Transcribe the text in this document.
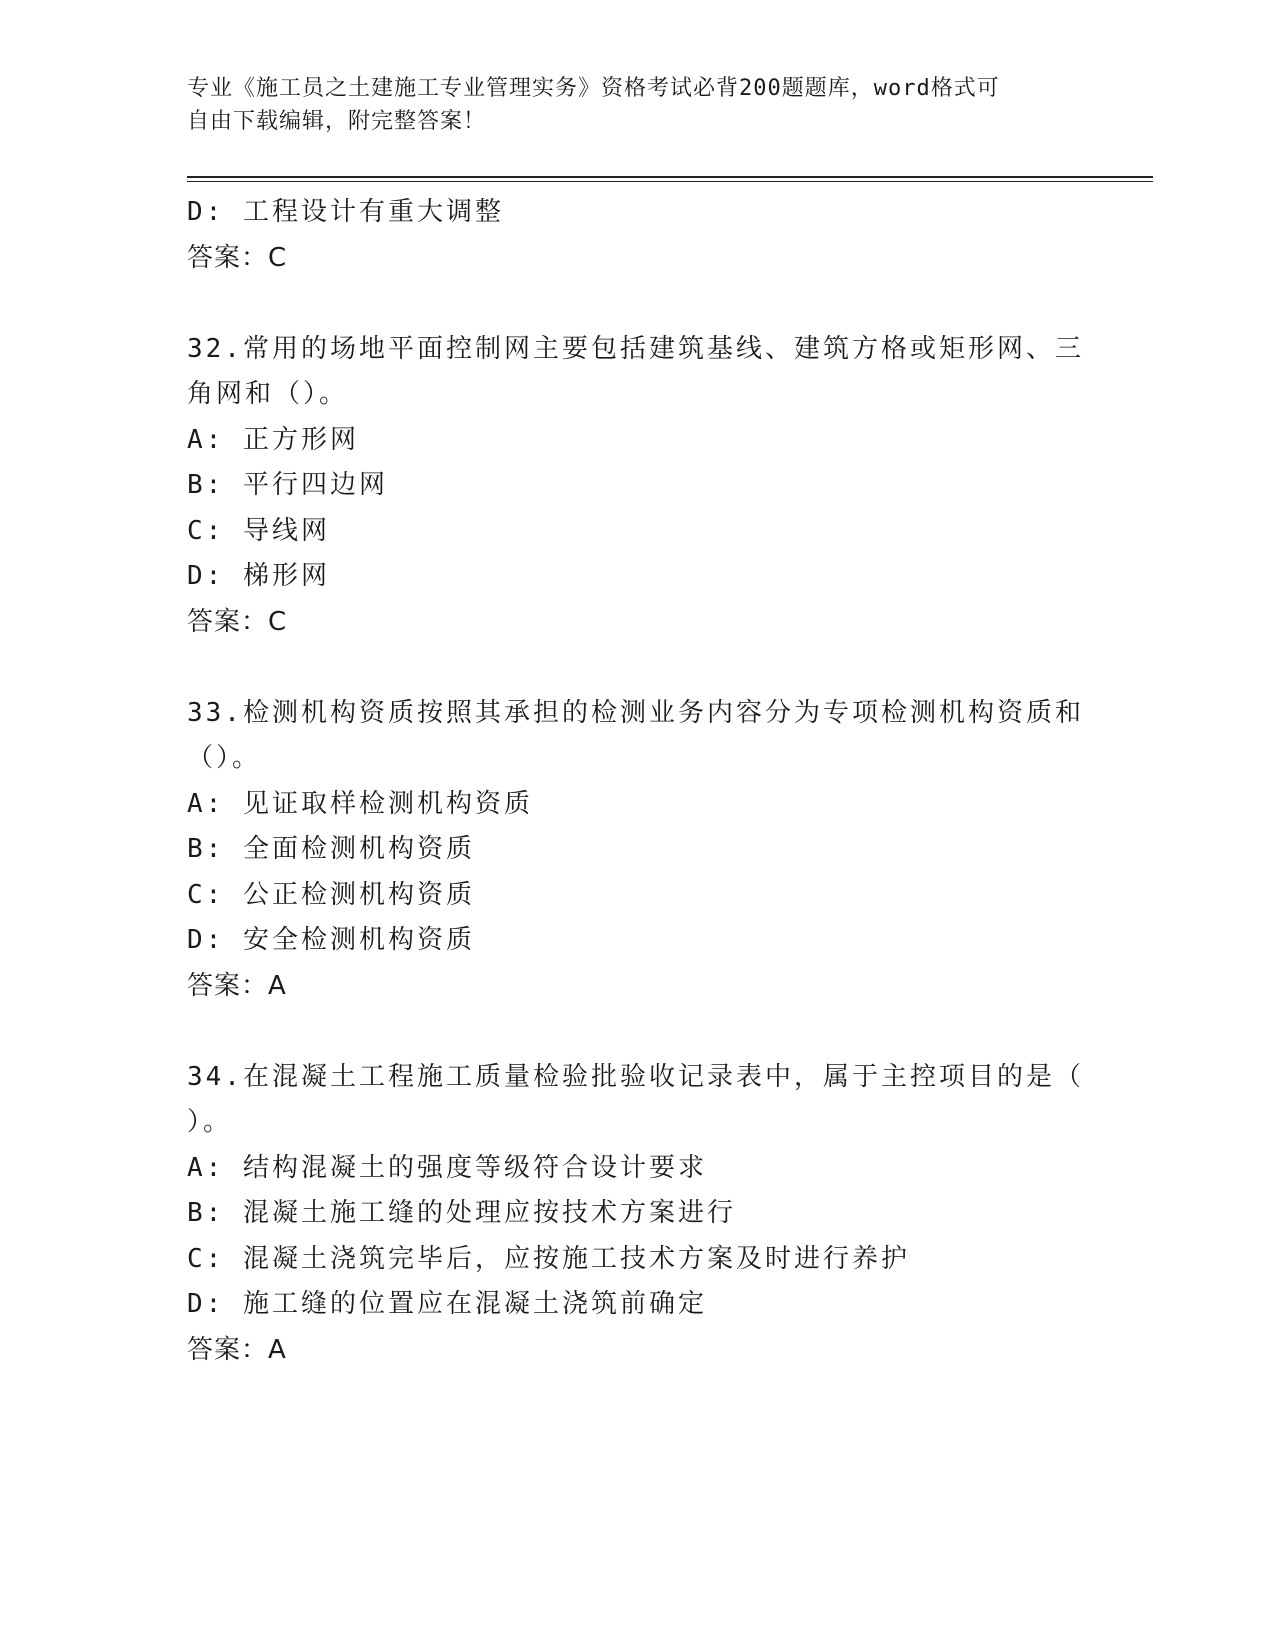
专业《施工员之土建施工专业管理实务》资格考试必背200题题库，word格式可
自由下载编辑，附完整答案！
D: 工程设计有重大调整
答案：C
32.常用的场地平面控制网主要包括建筑基线、建筑方格或矩形网、三
角网和（）。
A: 正方形网
B: 平行四边网
C: 导线网
D: 梯形网
答案：C
33.检测机构资质按照其承担的检测业务内容分为专项检测机构资质和
（）。
A: 见证取样检测机构资质
B: 全面检测机构资质
C: 公正检测机构资质
D: 安全检测机构资质
答案：A
34.在混凝土工程施工质量检验批验收记录表中，属于主控项目的是（
）。
A: 结构混凝土的强度等级符合设计要求
B: 混凝土施工缝的处理应按技术方案进行
C: 混凝土浇筑完毕后，应按施工技术方案及时进行养护
D: 施工缝的位置应在混凝土浇筑前确定
答案：A
